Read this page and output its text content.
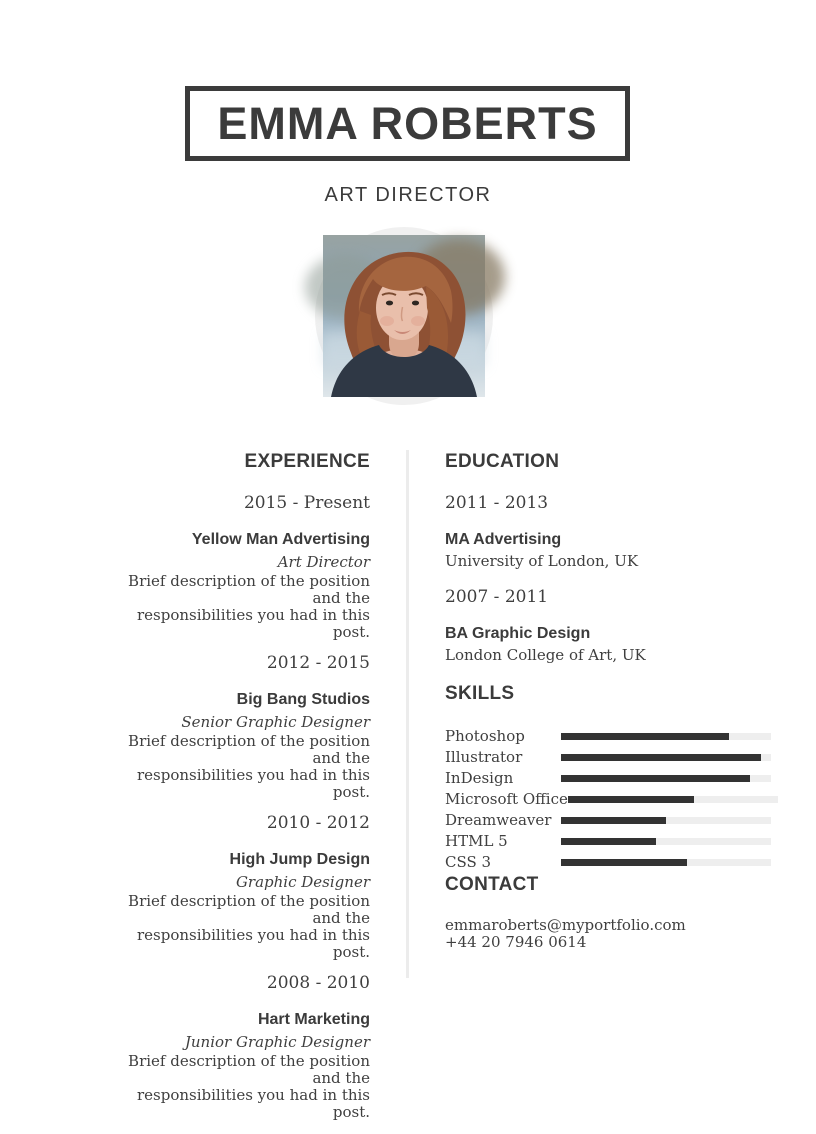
EMMA ROBERTS
ART DIRECTOR
EXPERIENCE
2015 - Present
Yellow Man Advertising
Art Director
Brief description of the position and the
responsibilities you had in this post.
2012 - 2015
Big Bang Studios
Senior Graphic Designer
Brief description of the position and the
responsibilities you had in this post.
2010 - 2012
High Jump Design
Graphic Designer
Brief description of the position and the
responsibilities you had in this post.
2008 - 2010
Hart Marketing
Junior Graphic Designer
Brief description of the position and the
responsibilities you had in this post.
EDUCATION
2011 - 2013
MA Advertising
University of London, UK
2007 - 2011
BA Graphic Design
London College of Art, UK
SKILLS
Photoshop
Illustrator
InDesign
Microsoft Office
Dreamweaver
HTML 5
CSS 3
CONTACT
emmaroberts@myportfolio.com
+44 20 7946 0614
